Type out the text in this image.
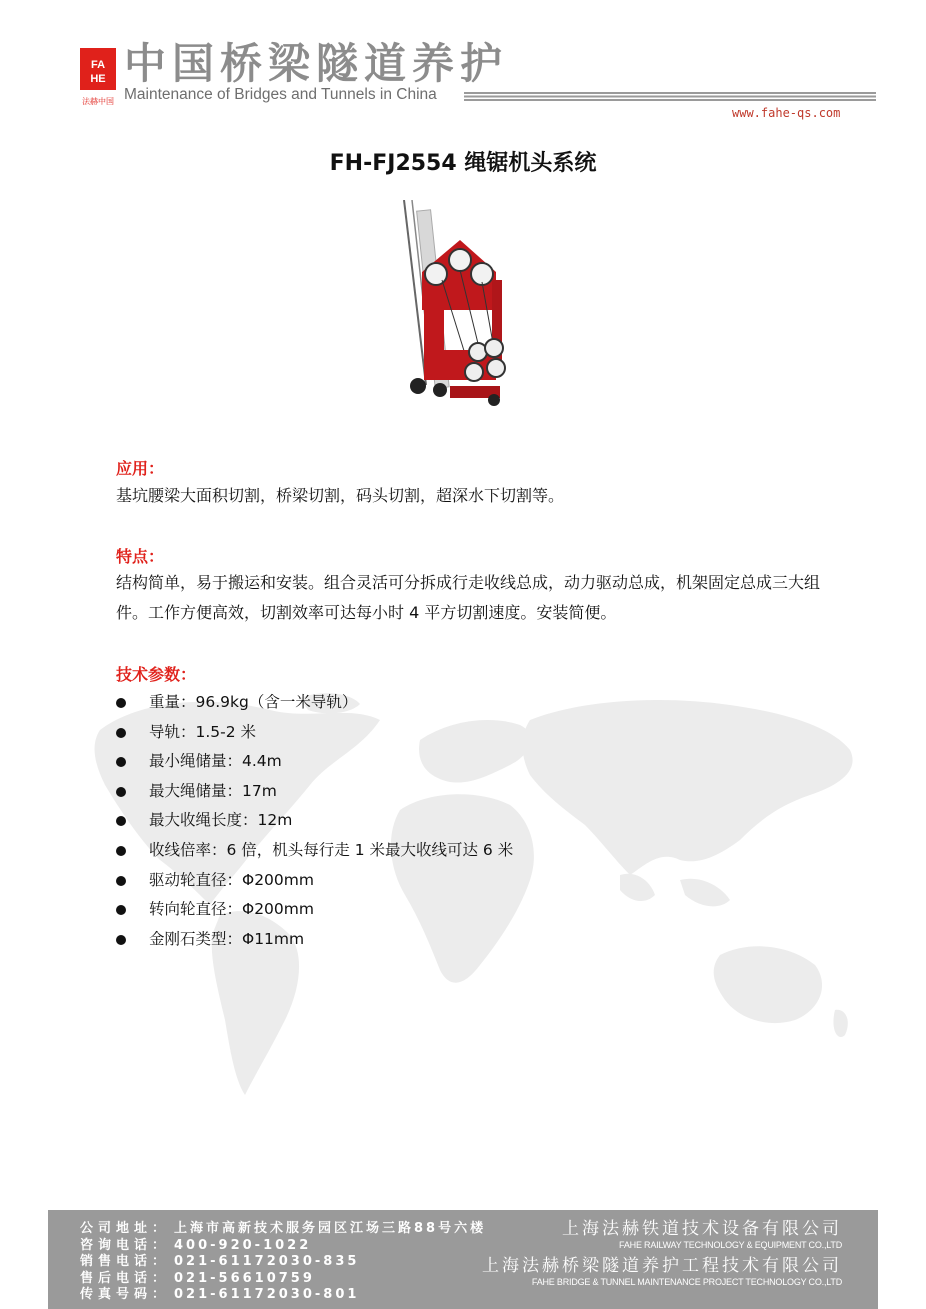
FA
HE
法赫中国
中国桥梁隧道养护
Maintenance of Bridges and Tunnels in China
www.fahe-qs.com
FH-FJ2554 绳锯机头系统
应用：
基坑腰梁大面积切割，桥梁切割，码头切割，超深水下切割等。
特点：
结构简单，易于搬运和安装。组合灵活可分拆成行走收线总成，动力驱动总成，机架固定总成三大组件。工作方便高效，切割效率可达每小时 4 平方切割速度。安装简便。
技术参数：
重量：96.9kg（含一米导轨）
导轨：1.5-2 米
最小绳储量：4.4m
最大绳储量：17m
最大收绳长度：12m
收线倍率：6 倍，机头每行走 1 米最大收线可达 6 米
驱动轮直径：Φ200mm
转向轮直径：Φ200mm
金刚石类型：Φ11mm
公司地址： 上海市高新技术服务园区江场三路88号六楼
咨询电话： 400-920-1022
销售电话： 021-61172030-835
售后电话： 021-56610759
传真号码： 021-61172030-801
上海法赫铁道技术设备有限公司
FAHE RAILWAY TECHNOLOGY & EQUIPMENT CO.,LTD
上海法赫桥梁隧道养护工程技术有限公司
FAHE BRIDGE & TUNNEL MAINTENANCE PROJECT TECHNOLOGY CO.,LTD
